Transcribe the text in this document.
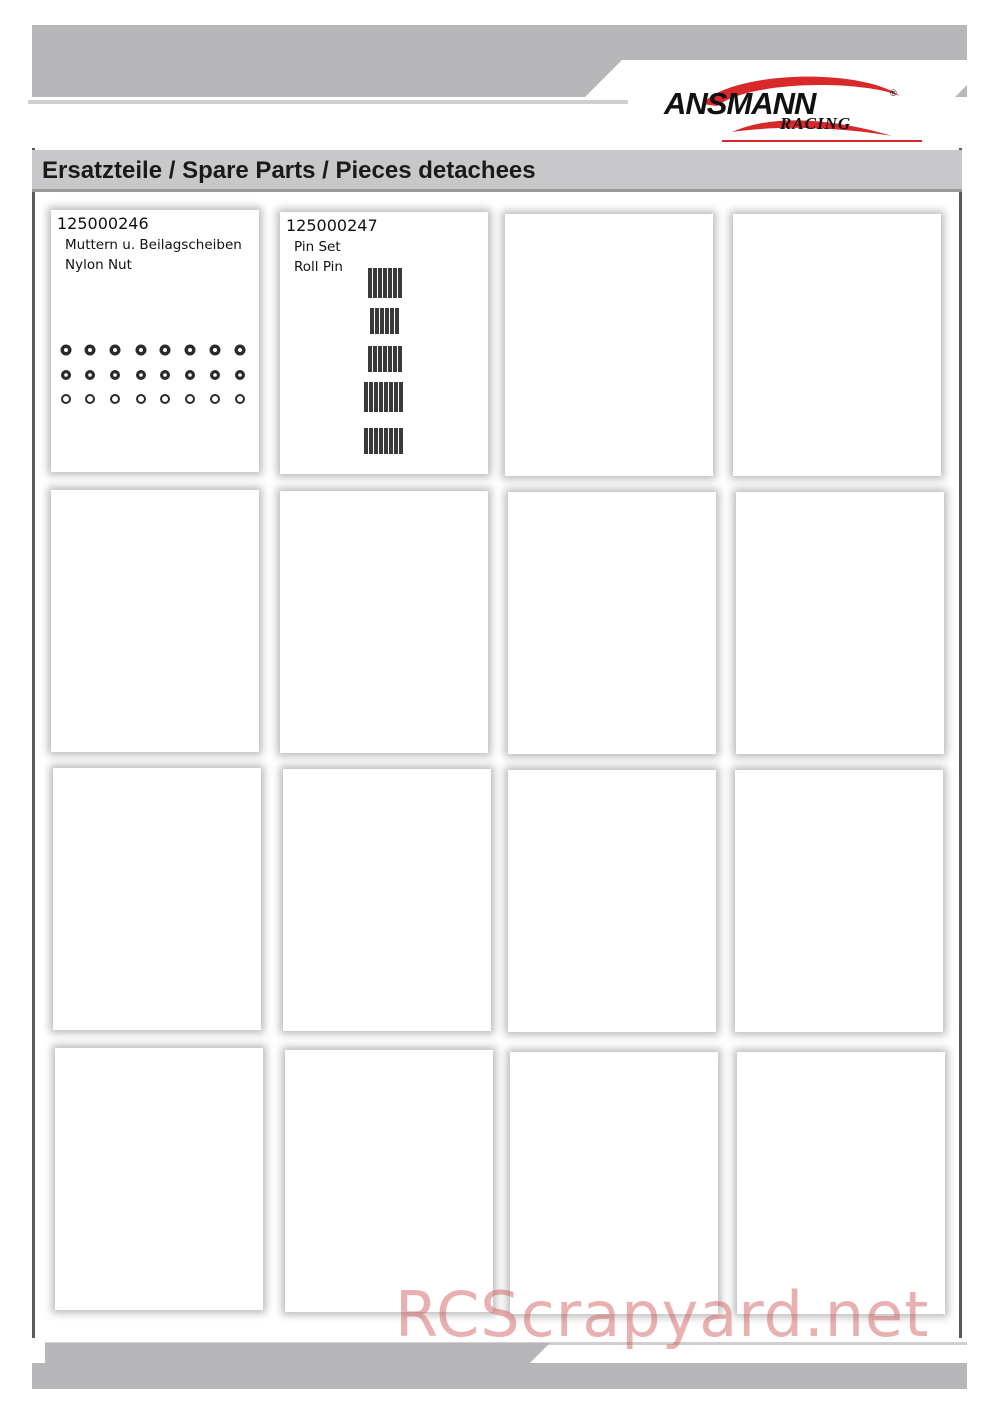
ANSMANN	®
RACING
Ersatzteile / Spare Parts / Pieces detachees
125000246
Muttern u. Beilagscheiben
Nylon Nut
125000247
Pin Set
Roll Pin
RCScrapyard.net
